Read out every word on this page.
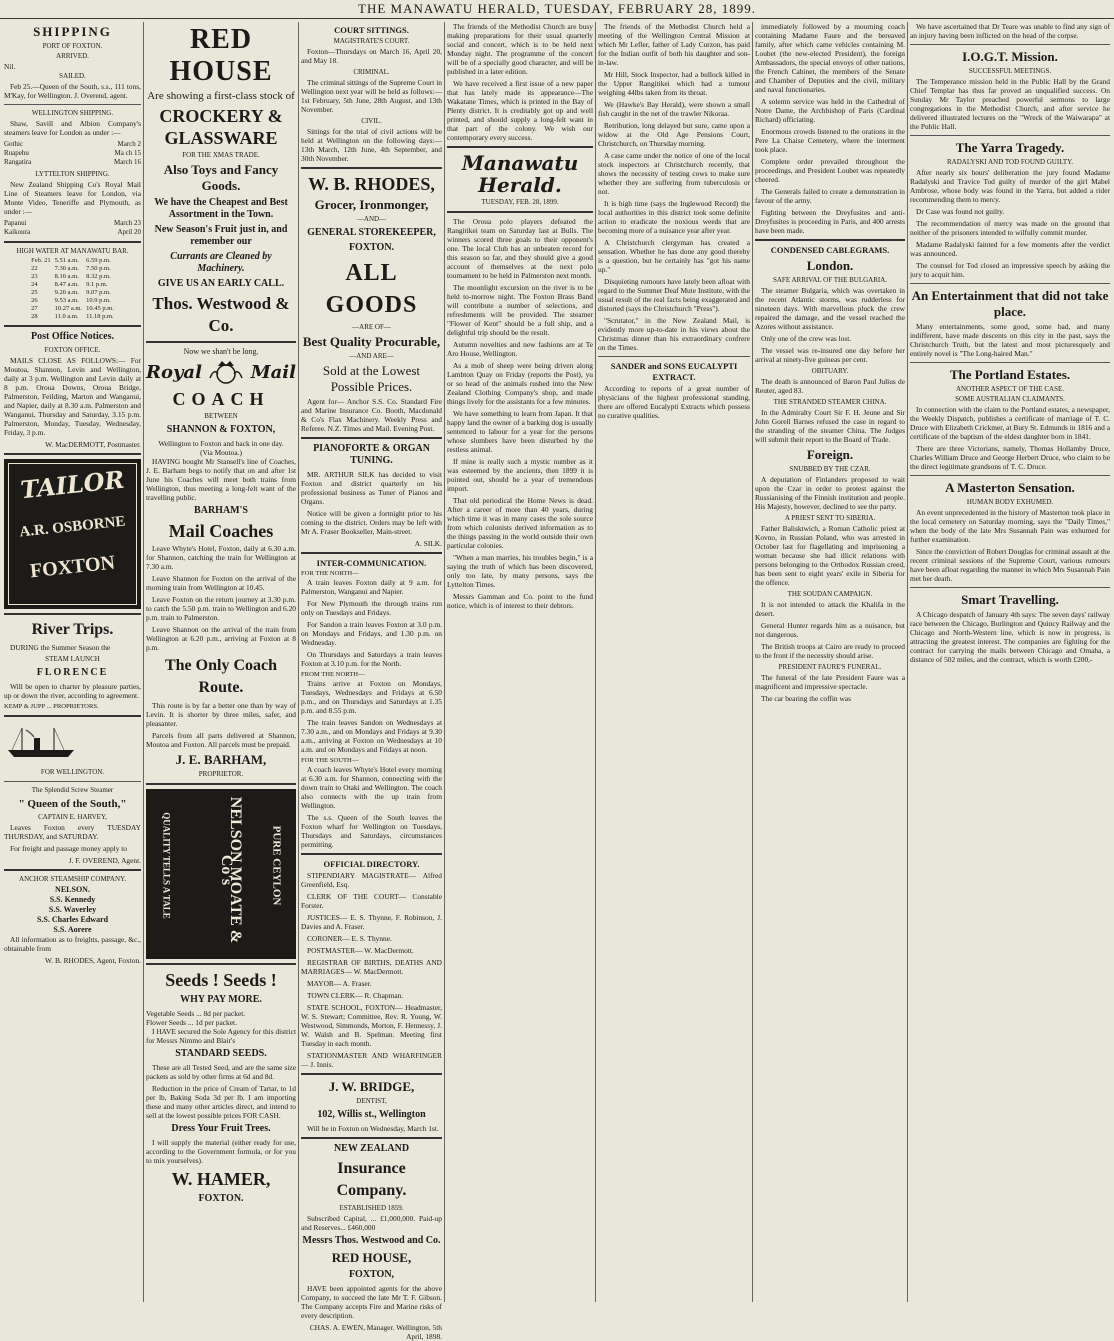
THE MANAWATU HERALD, TUESDAY, FEBRUARY 28, 1899.
SHIPPING
PORT OF FOXTON.
ARRIVED.
Nil.
SAILED.

Feb 25.—Queen of the South, s.s., 111 tons, M'Kay, for Wellington. J. Overend, agent.

WELLINGTON SHIPPING.

Shaw, Savill and Albion Company's steamers leave for London as under :—

Gothic	March 2
Ruapehu	Ma ch 15
Rangatira	March 16
LYTTELTON SHIPPING.

New Zealand Shipping Co's Royal Mail Line of Steamers leave for London, via Monte Video, Teneriffe and Plymouth, as under :—

Papanui	March 23
Kaikoura	April 20
HIGH WATER AT MANAWATU BAR.
Feb. 21	5.51 a.m.	6.59 p.m.
22	7.30 a.m.	7.50 p.m.
23	8.10 a.m.	8.32 p.m.
24	8.47 a.m.	9.1 p.m.
25	9.20 a.m.	9.07 p.m.
26	9.53 a.m.	10.9 p.m.
27	10.27 a.m.	10.45 p.m.
28	11.0 a.m.	11.18 p.m.
Post Office Notices.
FOXTON OFFICE.

MAILS CLOSE AS FOLLOWS:— For Moutoa, Shannon, Levin and Wellington, daily at 3 p.m. Wellington and Levin daily at 8 p.m. Oroua Downs, Oroua Bridge, Palmerston, Feilding, Marton and Wanganui, and Napier, daily at 8.30 a.m. Palmerston and Wanganui, Thursday and Saturday, 3.15 p.m. Palmerston, Monday, Tuesday, Wednesday, Friday, 3 p.m.

W. MacDERMOTT, Postmaster.
TAILOR
A.R. OSBORNE
FOXTON
River Trips.

DURING the Summer Season the

STEAM LAUNCH
FLORENCE

Will be open to charter by pleasure parties, up or down the river, according to agreement.

KEMP & JUPP ... PROPRIETORS.
FOR WELLINGTON.
The Splendid Screw Steamer
" Queen of the South,"
CAPTAIN E. HARVEY,

Leaves Foxton every TUESDAY THURSDAY, and SATURDAY.

For freight and passage money apply to

J. F. OVEREND, Agent.
ANCHOR STEAMSHIP COMPANY.
NELSON.
S.S. Kennedy
S.S. Waverley
S.S. Charles Edward
S.S. Aorere

All information as to freights, passage, &c., obtainable from

W. B. RHODES, Agent, Foxton.
RED HOUSE
Are showing a first-class stock of
CROCKERY & GLASSWARE
FOR THE XMAS TRADE.
Also Toys and Fancy Goods.
We have the Cheapest and Best Assortment in the Town.
New Season's Fruit just in, and remember our
Currants are Cleaned by Machinery.
GIVE US AN EARLY CALL.
Thos. Westwood & Co.
Now we shan't be long.
Royal	Mail
COACH
BETWEEN
SHANNON & FOXTON,
Wellington to Foxton and back in one day.
(Via Moutoa.)

HAVING bought Mr Stansell's line of Coaches, J. E. Barham begs to notify that on and after 1st June his Coaches will meet both trains from Wellington, thus meeting a long-felt want of the travelling public.

BARHAM'S
Mail Coaches

Leave Whyte's Hotel, Foxton, daily at 6.30 a.m. for Shannon, catching the train for Wellington at 7.30 a.m.

Leave Shannon for Foxton on the arrival of the morning train from Wellington at 10.45.

Leave Foxton on the return journey at 3.30 p.m. to catch the 5.50 p.m. train to Wellington and 6.20 p.m. train to Palmerston.

Leave Shannon on the arrival of the train from Wellington at 6.20 p.m., arriving at Foxton at 8 p.m.

The Only Coach Route.

This route is by far a better one than by way of Levin. It is shorter by three miles, safer, and pleasanter.

Parcels from all parts delivered at Shannon, Moutoa and Foxton. All parcels must be prepaid.

J. E. BARHAM,
PROPRIETOR.
QUALITY TELLS A TALE	NELSON MOATE & Co's	PURE CEYLON
Seeds ! Seeds !
WHY PAY MORE.
Vegetable Seeds ... 8d per packet.
Flower Seeds ... 1d per packet.

I HAVE secured the Sole Agency for this district for Messrs Nimmo and Blair's

STANDARD SEEDS.

These are all Tested Seed, and are the same size packets as sold by other firms at 6d and 8d.

Reduction in the price of Cream of Tartar, to 1d per lb, Baking Soda 3d per lb. I am importing these and many other articles direct, and intend to sell at the lowest possible prices FOR CASH.

Dress Your Fruit Trees.

I will supply the material (either ready for use, according to the Government formula, or for you to mix yourselves).

W. HAMER,
FOXTON.
COURT SITTINGS.
MAGISTRATE'S COURT.

Foxton—Thursdays on March 16, April 20, and May 18.

CRIMINAL.

The criminal sittings of the Supreme Court in Wellington next year will be held as follows:—1st February, 5th June, 28th August, and 13th November.

CIVIL.

Sittings for the trial of civil actions will be held at Wellington on the following days:—13th March, 12th June, 4th September, and 30th November.

W. B. RHODES,
Grocer, Ironmonger,
—AND—
GENERAL STOREKEEPER,
FOXTON.
ALL GOODS
—ARE OF—
Best Quality Procurable,
—AND ARE—
Sold at the Lowest Possible Prices.

Agent for— Anchor S.S. Co. Standard Fire and Marine Insurance Co. Booth, Macdonald & Co's Flax Machinery. Weekly Press and Referee. N.Z. Times and Mail. Evening Post.

PIANOFORTE & ORGAN TUNING.

MR. ARTHUR SILK has decided to visit Foxton and district quarterly on his professional business as Tuner of Pianos and Organs.

Notice will be given a fortnight prior to his coming to the district. Orders may be left with Mr A. Fraser Bookseller, Main-street.

A. SILK.
INTER-COMMUNICATION.
FOR THE NORTH—

A train leaves Foxton daily at 9 a.m. for Palmerston, Wanganui and Napier.

For New Plymouth the through trains run only on Tuesdays and Fridays.

For Sandon a train leaves Foxton at 3.0 p.m. on Mondays and Fridays, and 1.30 p.m. on Wednesday.

On Thursdays and Saturdays a train leaves Foxton at 3.10 p.m. for the North.

FROM THE NORTH—

Trains arrive at Foxton on Mondays, Tuesdays, Wednesdays and Fridays at 6.50 p.m., and on Thursdays and Saturdays at 1.35 p.m. and 8.55 p.m.

The train leaves Sandon on Wednesdays at 7.30 a.m., and on Mondays and Fridays at 9.30 a.m., arriving at Foxton on Wednesdays at 10 a.m. and on Mondays and Fridays at noon.

FOR THE SOUTH—

A coach leaves Whyte's Hotel every morning at 6.30 a.m. for Shannon, connecting with the down train to Otaki and Wellington. The coach also connects with the up train from Wellington.

The s.s. Queen of the South leaves the Foxton wharf for Wellington on Tuesdays, Thursdays and Saturdays, circumstances permitting.

OFFICIAL DIRECTORY.

STIPENDIARY MAGISTRATE— Alfred Greenfield, Esq.

CLERK OF THE COURT— Constable Forster.

JUSTICES— E. S. Thynne, F. Robinson, J. Davies and A. Fraser.

CORONER— E. S. Thynne.

POSTMASTER— W. MacDermott.

REGISTRAR OF BIRTHS, DEATHS AND MARRIAGES— W. MacDermott.

MAYOR— A. Fraser.

TOWN CLERK— R. Chapman.

STATE SCHOOL, FOXTON— Headmaster, W. S. Stewart; Committee, Rev. R. Young, W. Westwood, Simmonds, Morton, F. Hennessy, J. W. Walsh and B. Spelman. Meeting first Tuesday in each month.

STATIONMASTER AND WHARFINGER— J. Innis.

J. W. BRIDGE,
DENTIST,
102, Willis st., Wellington

Will be in Foxton on Wednesday, March 1st.

NEW ZEALAND
Insurance Company.
ESTABLISHED 1859.

Subscribed Capital, ... £1,000,000. Paid-up and Reserves... £460,000

Messrs Thos. Westwood and Co.
RED HOUSE,
FOXTON,

HAVE been appointed agents for the above Company, to succeed the late Mr T. F. Gibson. The Company accepts Fire and Marine risks of every description.

CHAS. A. EWEN, Manager. Wellington, 5th April, 1898.

The friends of the Methodist Church are busy making preparations for their usual quarterly social and concert, which is to be held next Monday night. The programme of the concert will be of a specially good character, and will be published in a later edition.

We have received a first issue of a new paper that has lately made its appearance—The Wakatane Times, which is printed in the Bay of Plenty district. It is creditably got up and well printed, and should supply a long-felt want in that part of the colony. We wish our contemporary every success.

Manawatu Herald.
TUESDAY, FEB. 28, 1899.

The Oroua polo players defeated the Rangitikei team on Saturday last at Bulls. The winners scored three goals to their opponent's one. The local Club has an unbeaten record for this season so far, and they should give a good account of themselves at the next polo tournament to be held in Palmerston next month.

The moonlight excursion on the river is to be held to-morrow night. The Foxton Brass Band will contribute a number of selections, and refreshments will be provided. The steamer "Flower of Kent" should be a full ship, and a delightful trip should be the result.

Autumn novelties and new fashions are at Te Aro House, Wellington.

As a mob of sheep were being driven along Lambton Quay on Friday (reports the Post), yu or so head of the animals rushed into the New Zealand Clothing Company's shop, and made things lively for the assistants for a few minutes.

We have something to learn from Japan. It that happy land the owner of a barking dog is usually sentenced to labour for a year for the persons whose slumbers have been disturbed by the restless animal.

If mine is really such a mystic number as it was esteemed by the ancients, then 1899 it is pointed out, should be a year of tremendous import.

That old periodical the Home News is dead. After a career of more than 40 years, during which time it was in many cases the sole source from which colonists derived information as to the things passing in the world outside their own particular colonies.

"When a man marries, his troubles begin," is a saying the truth of which has been discovered, only too late, by many persons, says the Lyttelton Times.

Messrs Gamman and Co. point to the fund notice, which is of interest to their debtors.

The friends of the Methodist Church held a meeting of the Wellington Central Mission at which Mr Lefler, father of Lady Curzon, has paid for the Indian outfit of both his daughter and son-in-law.

Mr Hill, Stock Inspector, had a bullock killed in the Upper Rangitikei which had a tumour weighing 44lbs taken from its throat.

We (Hawke's Bay Herald), were shown a small fish caught in the net of the trawler Nikoraa.

Retribution, long delayed but sure, came upon a widow at the Old Age Pensions Court, Christchurch, on Thursday morning.

A case came under the notice of one of the local stock inspectors at Christchurch recently, that shows the necessity of testing cows to make sure whether they are suffering from tuberculosis or not.

It is high time (says the Inglewood Record) the local authorities in this district took some definite action to eradicate the noxious weeds that are becoming more of a nuisance year after year.

A Christchurch clergyman has created a sensation. Whether he has done any good thereby is a question, but he certainly has "got his name up."

Disquieting rumours have lately been afloat with regard to the Summer Deaf Mute Institute, with the usual result of the real facts being exaggerated and distorted (says the Christchurch "Press").

"Scrutator," in the New Zealand Mail, is evidently more up-to-date in his views about the Christmas dinner than his extraordinary confrere on the Times.

SANDER and SONS EUCALYPTI EXTRACT.

According to reports of a great number of physicians of the highest professional standing, there are offered Eucalypti Extracts which possess no curative qualities.

immediately followed by a mourning coach containing Madame Faure and the bereaved family, after which came vehicles containing M. Loubet (the new-elected President), the foreign Ambassadors, the special envoys of other nations, the French Cabinet, the members of the Senate and Chamber of Deputies and the civil, military and naval functionaries.

A solemn service was held in the Cathedral of Notre Dame, the Archbishop of Paris (Cardinal Richard) officiating.

Enormous crowds listened to the orations in the Pere La Chaise Cemetery, where the interment took place.

Complete order prevailed throughout the proceedings, and President Loubet was repeatedly cheered.

The Generals failed to create a demonstration in favour of the army.

Fighting between the Dreyfusites and anti-Dreyfusites is proceeding in Paris, and 400 arrests have been made.

CONDENSED CABLEGRAMS.
London.
SAFE ARRIVAL OF THE BULGARIA.

The steamer Bulgaria, which was overtaken in the recent Atlantic storms, was rudderless for nineteen days. With marvellous pluck the crew repaired the damage, and the vessel reached the Azores without assistance.

Only one of the crew was lost.

The vessel was re-insured one day before her arrival at ninety-five guineas per cent.

OBITUARY.

The death is announced of Baron Paul Julius de Reuter, aged 83.

THE STRANDED STEAMER CHINA.

In the Admiralty Court Sir F. H. Jeune and Sir John Gorell Barnes refused the case in regard to the stranding of the steamer China. The Judges will submit their report to the Board of Trade.

Foreign.
SNUBBED BY THE CZAR.

A deputation of Finlanders proposed to wait upon the Czar in order to protest against the Russianising of the Finnish institution and people. His Majesty, however, declined to see the party.

A PRIEST SENT TO SIBERIA.

Father Balisktwich, a Roman Catholic priest at Kovno, in Russian Poland, who was arrested in October last for flagellating and imprisoning a woman because she had illicit relations with persons belonging to the Orthodox Russian creed, has been sent to eight years' exile in Siberia for the offence.

THE SOUDAN CAMPAIGN.

It is not intended to attack the Khalifa in the desert.

General Hunter regards him as a nuisance, but not dangerous.

The British troops at Cairo are ready to proceed to the front if the necessity should arise.

PRESIDENT FAURE'S FUNERAL.

The funeral of the late President Faure was a magnificent and impressive spectacle.

The car bearing the coffin was

We have ascertained that Dr Teare was unable to find any sign of an injury having been inflicted on the head of the corpse.

I.O.G.T. Mission.
SUCCESSFUL MEETINGS.

The Temperance mission held in the Public Hall by the Grand Chief Templar has thus far proved an unqualified success. On Sunday Mr Taylor preached powerful sermons to large congregations in the Methodist Church, and after service he delivered illustrated lectures on the "Wreck of the Waiwarapa" at the Public Hall.

The Yarra Tragedy.
RADALYSKI AND TOD FOUND GUILTY.

After nearly six hours' deliberation the jury found Madame Radalyski and Travice Tod guilty of murder of the girl Mabel Ambrose, whose body was found in the Yarra, but added a rider recommending them to mercy.

Dr Case was found not guilty.

The recommendation of mercy was made on the ground that neither of the prisoners intended to wilfully commit murder.

Madame Radalyski fainted for a few moments after the verdict was announced.

The counsel for Tod closed an impressive speech by asking the jury to acquit him.

An Entertainment that did not take place.

Many entertainments, some good, some bad, and many indifferent, have made descents on this city in the past, says the Christchurch Truth, but the latest and most picturesquely and entirely novel is "The Long-haired Man."

The Portland Estates.
ANOTHER ASPECT OF THE CASE.
SOME AUSTRALIAN CLAIMANTS.

In connection with the claim to the Portland estates, a newspaper, the Weekly Dispatch, publishes a certificate of marriage of T. C. Druce with Elizabeth Crickmer, at Bury St. Edmunds in 1816 and a certificate of the baptism of the eldest daughter born in 1841.

There are three Victorians, namely, Thomas Hollamby Druce, Charles William Druce and George Herbert Druce, who claim to be the direct legitimate grandsons of T. C. Druce.

A Masterton Sensation.
HUMAN BODY EXHUMED.

An event unprecedented in the history of Masterton took place in the local cemetery on Saturday morning, says the "Daily Times," when the body of the late Mrs Susannah Pain was exhumed for further examination.

Since the conviction of Robert Douglas for criminal assault at the recent criminal sessions of the Supreme Court, various rumours have been afloat regarding the manner in which Mrs Susannah Pain met her death.

Smart Travelling.

A Chicago despatch of January 4th says: The seven days' railway race between the Chicago, Burlington and Quincy Railway and the Chicago and North-Western line, which is now in progress, is attracting the greatest interest. The companies are fighting for the contract for carrying the mails between Chicago and Omaha, a distance of 502 miles, and the contract, which is worth £200,-
